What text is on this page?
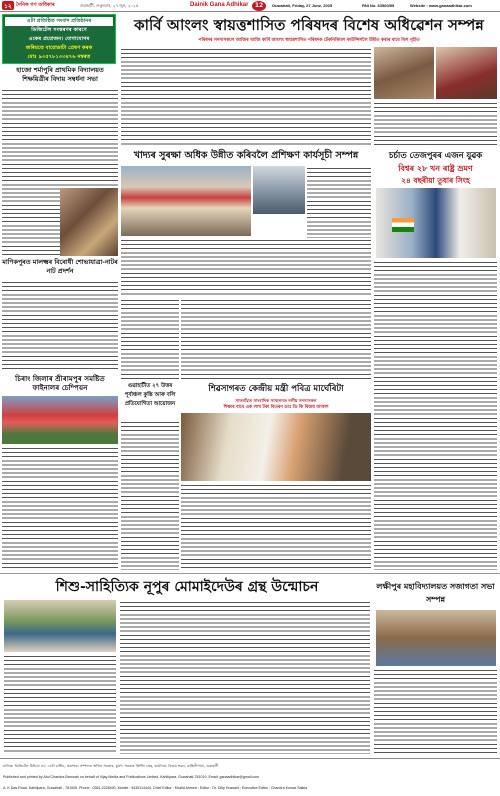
১২ দৈনিক গণ অধিকাৰ	গুৱাহাটী, শুকুৰবাৰ, ২৭ জুন, ২০২৫	Dainik Gana Adhikar	12	Guwahati, Friday, 27 June, 2025	RNI No. 63560/95	Website : www.ganaadhikar.com
এটা প্ৰতিষ্ঠিত সংবাদ প্ৰতিষ্ঠানৰ
ডিজিটেল সংস্কৰণৰ কাৰণে
একেৰ প্ৰয়োজন। যোগাযোগৰ
জৰিয়তে বায়োডাটা প্ৰেৰণ কৰক
মোঃ ৯৩৫৭৮১৩৩৪৭৬ নম্বৰত
হাজো শৰ্মাপুৰি প্ৰাথমিক বিদ্যালয়ত শিক্ষয়িত্ৰীৰ বিদায় সম্বৰ্ধনা সভা
মাণিকপুৰত মালক্ষ্মৰ বিৰোধী শোভাযাত্ৰা-নাটৰ নাট প্ৰদৰ্শন
চিৰাং জিলাৰ শ্ৰীৰামপুৰ সমষ্টিত ফাইনালৰ চেম্পিয়ন
কাৰ্বি আংলং স্বায়ত্তশাসিত পৰিষদৰ বিশেষ অধিৱেশন সম্পন্ন
পৰিষদৰ সদস্যসকলে আজিৰ আজি কাৰ্বি আংলং স্বায়ত্তশাসিত পৰিষদক টেকনিক্যিাল কাউন্সিললৈ উন্নীত কৰাৰ বাবে বিল গৃহীত
খাদ্যৰ সুৰক্ষা অধিক উন্নীত কৰিবলৈ প্ৰশিক্ষণ কাৰ্যসূচী সম্পন্ন	চৰ্চাত তেজপুৰৰ এজন যুৱক
বিশ্বৰ ২৮ খন ৰাষ্ট্ৰ ভ্ৰমণ
২৪ বছৰীয়া তুষাৰ সিংহ
গুৱাহাটীত ২৭ উত্তৰ পূৰ্বাঞ্চল কুস্তি আৰু বলি প্ৰতিযোগিতা আয়োজন
শিৱসাগৰত কেন্দ্ৰীয় মন্ত্ৰী পবিত্ৰ মাৰ্ঘেৰিটা
সাতগাঁৱত সাংবাদিক সন্মেলনত দলীয় সদস্যসকল
শিক্ষাৰ বাবে এক লাখ টকা বিতৰণ ডাঃ ডি কি বিজয় আকাশ
শিশু-সাহিত্যিক নূপুৰ মোমাইদেউৰ গ্ৰন্থ উন্মোচন	লক্ষীপুৰ মহাবিদ্যালয়ত সজাগতা সভা সম্পন্ন
মালিক: ডিজিটেল মিডিয়া এচ' ডেটা চাৰ্ভিচ, প্ৰকাশক: সম্পাদক অখিল সৰকাৰ, মুদ্ৰণ: সৰকাৰ প্ৰিন্টিং প্ৰেছ, কাৰ্যালয়: বিজয় ভৱন, কাহিলীপাৰা, গুৱাহাটী
Published and printed by Atul Chandra Barooah on behalf of Vijay Media and Publications Limited, Kahilipara, Guwahati-781019, Email: ganaadhikar@gmail.com
A. K Das Road, Kahilipara, Guwahati - 781005. Phone : 0361-2228490, Mobile : 9435114444, Chief Editor : Khalid Ahmed ; Editor : Dr. Dilip Hussain ; Executive Editor : Chandra Kumar Saikia
